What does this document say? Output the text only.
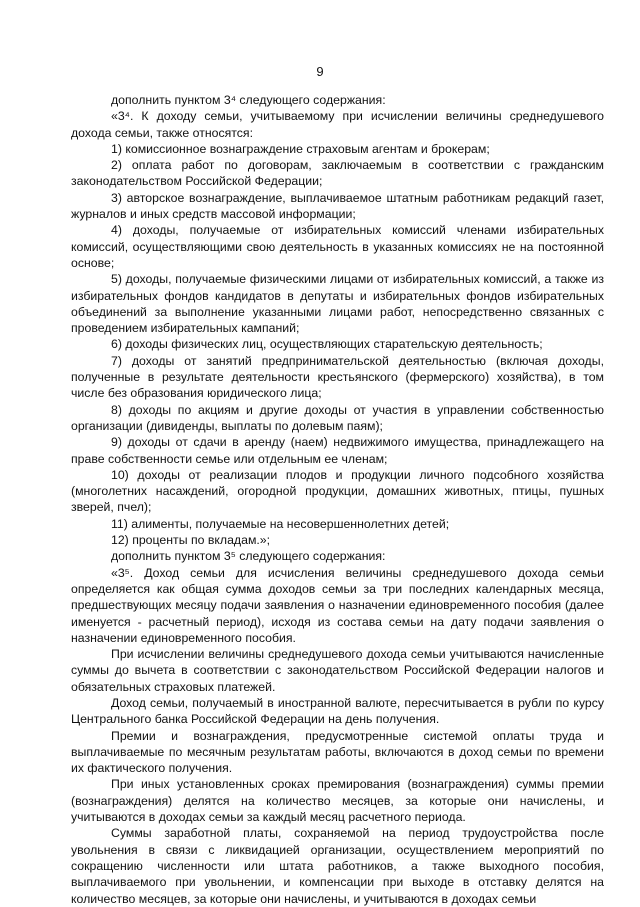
9

дополнить пунктом 3⁴ следующего содержания:

«3⁴. К доходу семьи, учитываемому при исчислении величины среднедушевого дохода семьи, также относятся:

1) комиссионное вознаграждение страховым агентам и брокерам;

2) оплата работ по договорам, заключаемым в соответствии с гражданским законодательством Российской Федерации;

3) авторское вознаграждение, выплачиваемое штатным работникам редакций газет, журналов и иных средств массовой информации;

4) доходы, получаемые от избирательных комиссий членами избирательных комиссий, осуществляющими свою деятельность в указанных комиссиях не на постоянной основе;

5) доходы, получаемые физическими лицами от избирательных комиссий, а также из избирательных фондов кандидатов в депутаты и избирательных фондов избирательных объединений за выполнение указанными лицами работ, непосредственно связанных с проведением избирательных кампаний;

6) доходы физических лиц, осуществляющих старательскую деятельность;

7) доходы от занятий предпринимательской деятельностью (включая доходы, полученные в результате деятельности крестьянского (фермерского) хозяйства), в том числе без образования юридического лица;

8) доходы по акциям и другие доходы от участия в управлении собственностью организации (дивиденды, выплаты по долевым паям);

9) доходы от сдачи в аренду (наем) недвижимого имущества, принадлежащего на праве собственности семье или отдельным ее членам;

10) доходы от реализации плодов и продукции личного подсобного хозяйства (многолетних насаждений, огородной продукции, домашних животных, птицы, пушных зверей, пчел);

11) алименты, получаемые на несовершеннолетних детей;

12) проценты по вкладам.»;

дополнить пунктом 3⁵ следующего содержания:

«3⁵. Доход семьи для исчисления величины среднедушевого дохода семьи определяется как общая сумма доходов семьи за три последних календарных месяца, предшествующих месяцу подачи заявления о назначении единовременного пособия (далее именуется - расчетный период), исходя из состава семьи на дату подачи заявления о назначении единовременного пособия.

При исчислении величины среднедушевого дохода семьи учитываются начисленные суммы до вычета в соответствии с законодательством Российской Федерации налогов и обязательных страховых платежей.

Доход семьи, получаемый в иностранной валюте, пересчитывается в рубли по курсу Центрального банка Российской Федерации на день получения.

Премии и вознаграждения, предусмотренные системой оплаты труда и выплачиваемые по месячным результатам работы, включаются в доход семьи по времени их фактического получения.

При иных установленных сроках премирования (вознаграждения) суммы премии (вознаграждения) делятся на количество месяцев, за которые они начислены, и учитываются в доходах семьи за каждый месяц расчетного периода.

Суммы заработной платы, сохраняемой на период трудоустройства после увольнения в связи с ликвидацией организации, осуществлением мероприятий по сокращению численности или штата работников, а также выходного пособия, выплачиваемого при увольнении, и компенсации при выходе в отставку делятся на количество месяцев, за которые они начислены, и учитываются в доходах семьи
